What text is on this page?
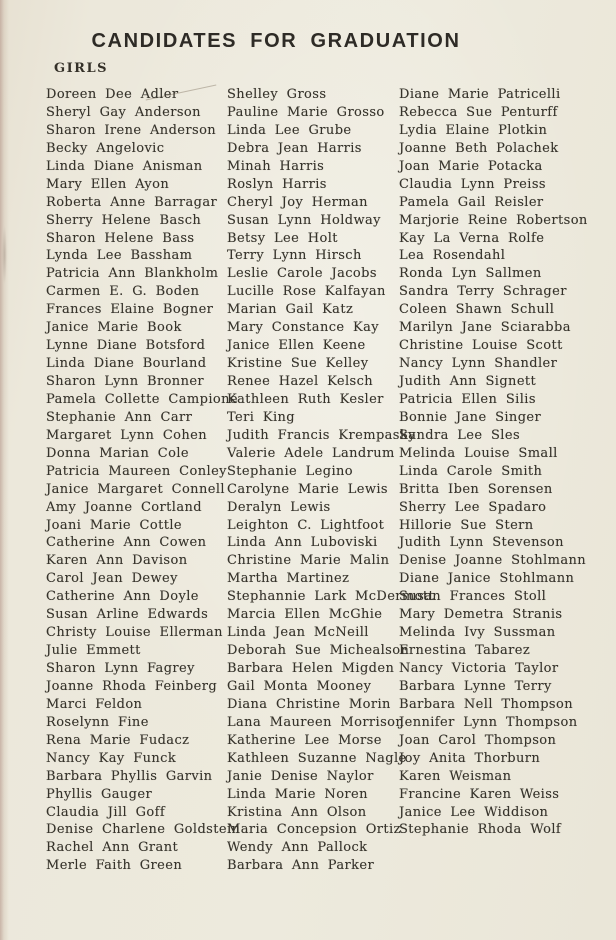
CANDIDATES FOR GRADUATION
GIRLS
Doreen Dee Adler
Sheryl Gay Anderson
Sharon Irene Anderson
Becky Angelovic
Linda Diane Anisman
Mary Ellen Ayon
Roberta Anne Barragar
Sherry Helene Basch
Sharon Helene Bass
Lynda Lee Bassham
Patricia Ann Blankholm
Carmen E. G. Boden
Frances Elaine Bogner
Janice Marie Book
Lynne Diane Botsford
Linda Diane Bourland
Sharon Lynn Bronner
Pamela Collette Campione
Stephanie Ann Carr
Margaret Lynn Cohen
Donna Marian Cole
Patricia Maureen Conley
Janice Margaret Connell
Amy Joanne Cortland
Joani Marie Cottle
Catherine Ann Cowen
Karen Ann Davison
Carol Jean Dewey
Catherine Ann Doyle
Susan Arline Edwards
Christy Louise Ellerman
Julie Emmett
Sharon Lynn Fagrey
Joanne Rhoda Feinberg
Marci Feldon
Roselynn Fine
Rena Marie Fudacz
Nancy Kay Funck
Barbara Phyllis Garvin
Phyllis Gauger
Claudia Jill Goff
Denise Charlene Goldstein
Rachel Ann Grant
Merle Faith Green
Shelley Gross
Pauline Marie Grosso
Linda Lee Grube
Debra Jean Harris
Minah Harris
Roslyn Harris
Cheryl Joy Herman
Susan Lynn Holdway
Betsy Lee Holt
Terry Lynn Hirsch
Leslie Carole Jacobs
Lucille Rose Kalfayan
Marian Gail Katz
Mary Constance Kay
Janice Ellen Keene
Kristine Sue Kelley
Renee Hazel Kelsch
Kathleen Ruth Kesler
Teri King
Judith Francis Krempasky
Valerie Adele Landrum
Stephanie Legino
Carolyne Marie Lewis
Deralyn Lewis
Leighton C. Lightfoot
Linda Ann Luboviski
Christine Marie Malin
Martha Martinez
Stephannie Lark McDermott
Marcia Ellen McGhie
Linda Jean McNeill
Deborah Sue Michealson
Barbara Helen Migden
Gail Monta Mooney
Diana Christine Morin
Lana Maureen Morrison
Katherine Lee Morse
Kathleen Suzanne Nagle
Janie Denise Naylor
Linda Marie Noren
Kristina Ann Olson
Maria Concepsion Ortiz
Wendy Ann Pallock
Barbara Ann Parker
Diane Marie Patricelli
Rebecca Sue Penturff
Lydia Elaine Plotkin
Joanne Beth Polachek
Joan Marie Potacka
Claudia Lynn Preiss
Pamela Gail Reisler
Marjorie Reine Robertson
Kay La Verna Rolfe
Lea Rosendahl
Ronda Lyn Sallmen
Sandra Terry Schrager
Coleen Shawn Schull
Marilyn Jane Sciarabba
Christine Louise Scott
Nancy Lynn Shandler
Judith Ann Signett
Patricia Ellen Silis
Bonnie Jane Singer
Sandra Lee Sles
Melinda Louise Small
Linda Carole Smith
Britta Iben Sorensen
Sherry Lee Spadaro
Hillorie Sue Stern
Judith Lynn Stevenson
Denise Joanne Stohlmann
Diane Janice Stohlmann
Susan Frances Stoll
Mary Demetra Stranis
Melinda Ivy Sussman
Ernestina Tabarez
Nancy Victoria Taylor
Barbara Lynne Terry
Barbara Nell Thompson
Jennifer Lynn Thompson
Joan Carol Thompson
Joy Anita Thorburn
Karen Weisman
Francine Karen Weiss
Janice Lee Widdison
Stephanie Rhoda Wolf
